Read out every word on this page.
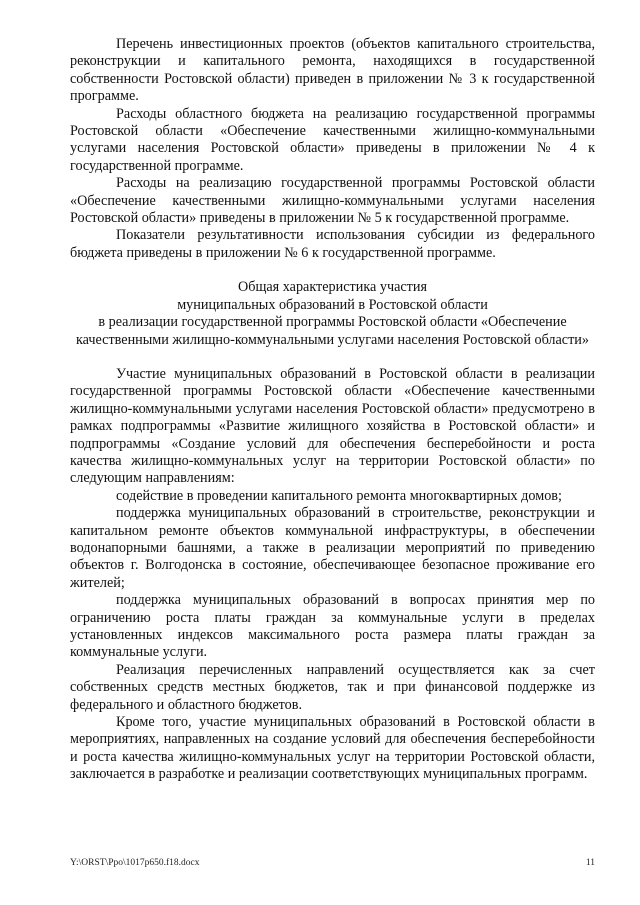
Перечень инвестиционных проектов (объектов капитального строительства, реконструкции и капитального ремонта, находящихся в государственной собственности Ростовской области) приведен в приложении № 3 к государственной программе.

Расходы областного бюджета на реализацию государственной программы Ростовской области «Обеспечение качественными жилищно-коммунальными услугами населения Ростовской области» приведены в приложении № 4 к государственной программе.

Расходы на реализацию государственной программы Ростовской области «Обеспечение качественными жилищно-коммунальными услугами населения Ростовской области» приведены в приложении № 5 к государственной программе.

Показатели результативности использования субсидии из федерального бюджета приведены в приложении № 6 к государственной программе.

Общая характеристика участия

муниципальных образований в Ростовской области

в реализации государственной программы Ростовской области «Обеспечение

качественными жилищно-коммунальными услугами населения Ростовской области»

Участие муниципальных образований в Ростовской области в реализации государственной программы Ростовской области «Обеспечение качественными жилищно-коммунальными услугами населения Ростовской области» предусмотрено в рамках подпрограммы «Развитие жилищного хозяйства в Ростовской области» и подпрограммы «Создание условий для обеспечения бесперебойности и роста качества жилищно-коммунальных услуг на территории Ростовской области» по следующим направлениям:

содействие в проведении капитального ремонта многоквартирных домов;

поддержка муниципальных образований в строительстве, реконструкции и капитальном ремонте объектов коммунальной инфраструктуры, в обеспечении водонапорными башнями, а также в реализации мероприятий по приведению объектов г. Волгодонска в состояние, обеспечивающее безопасное проживание его жителей;

поддержка муниципальных образований в вопросах принятия мер по ограничению роста платы граждан за коммунальные услуги в пределах установленных индексов максимального роста размера платы граждан за коммунальные услуги.

Реализация перечисленных направлений осуществляется как за счет собственных средств местных бюджетов, так и при финансовой поддержке из федерального и областного бюджетов.

Кроме того, участие муниципальных образований в Ростовской области в мероприятиях, направленных на создание условий для обеспечения бесперебойности и роста качества жилищно-коммунальных услуг на территории Ростовской области, заключается в разработке и реализации соответствующих муниципальных программ.

Y:\ORST\Ppo\1017p650.f18.docx	11
